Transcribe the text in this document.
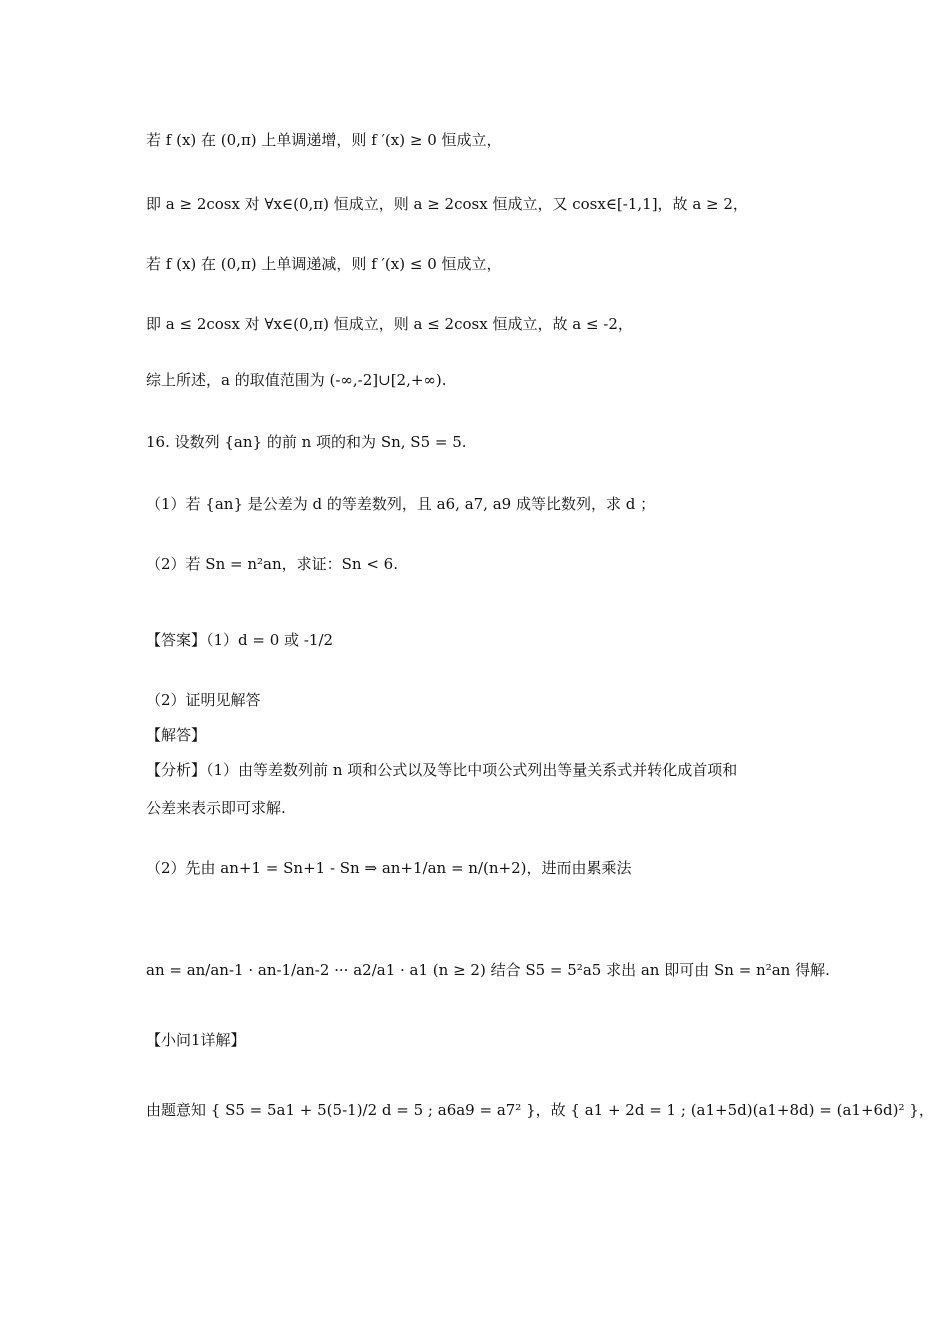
若 f (x) 在 (0,π) 上单调递增，则 f ′(x) ≥ 0 恒成立，
即 a ≥ 2cosx 对 ∀x∈(0,π) 恒成立，则 a ≥ 2cosx 恒成立，又 cosx∈[-1,1]，故 a ≥ 2，
若 f (x) 在 (0,π) 上单调递减，则 f ′(x) ≤ 0 恒成立，
即 a ≤ 2cosx 对 ∀x∈(0,π) 恒成立，则 a ≤ 2cosx 恒成立，故 a ≤ -2，
综上所述，a 的取值范围为 (-∞,-2]∪[2,+∞).
16. 设数列 {an} 的前 n 项的和为 Sn, S5 = 5.
（1）若 {an} 是公差为 d 的等差数列，且 a6, a7, a9 成等比数列，求 d ；
（2）若 Sn = n²an，求证：Sn < 6.
【答案】（1）d = 0 或 -1/2
（2）证明见解答
【解答】
【分析】（1）由等差数列前 n 项和公式以及等比中项公式列出等量关系式并转化成首项和
公差来表示即可求解.
（2）先由 an+1 = Sn+1 - Sn ⇒ an+1/an = n/(n+2)，进而由累乘法
an = an/an-1 · an-1/an-2 ··· a2/a1 · a1 (n ≥ 2) 结合 S5 = 5²a5 求出 an 即可由 Sn = n²an 得解.
【小问1详解】
由题意知 { S5 = 5a1 + 5(5-1)/2 d = 5 ; a6a9 = a7² }，故 { a1 + 2d = 1 ; (a1+5d)(a1+8d) = (a1+6d)² }，
